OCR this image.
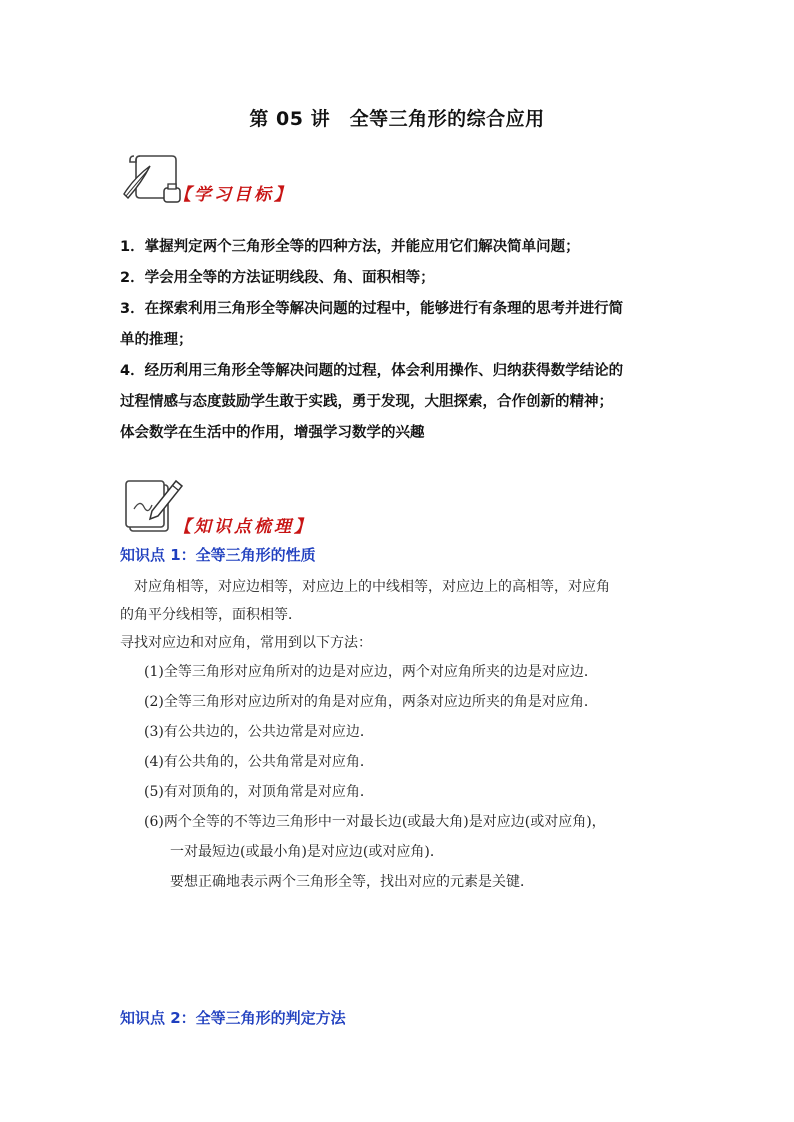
第 05 讲　全等三角形的综合应用
【学习目标】
1．掌握判定两个三角形全等的四种方法，并能应用它们解决简单问题；
2．学会用全等的方法证明线段、角、面积相等；
3．在探索利用三角形全等解决问题的过程中，能够进行有条理的思考并进行简
单的推理；
4．经历利用三角形全等解决问题的过程，体会利用操作、归纳获得数学结论的
过程情感与态度鼓励学生敢于实践，勇于发现，大胆探索，合作创新的精神；
体会数学在生活中的作用，增强学习数学的兴趣
【知识点梳理】
知识点 1：全等三角形的性质
对应角相等，对应边相等，对应边上的中线相等，对应边上的高相等，对应角
的角平分线相等，面积相等．
寻找对应边和对应角，常用到以下方法：
(1)全等三角形对应角所对的边是对应边，两个对应角所夹的边是对应边．
(2)全等三角形对应边所对的角是对应角，两条对应边所夹的角是对应角．
(3)有公共边的，公共边常是对应边．
(4)有公共角的，公共角常是对应角．
(5)有对顶角的，对顶角常是对应角．
(6)两个全等的不等边三角形中一对最长边(或最大角)是对应边(或对应角)，
一对最短边(或最小角)是对应边(或对应角)．
要想正确地表示两个三角形全等，找出对应的元素是关键．
知识点 2：全等三角形的判定方法
